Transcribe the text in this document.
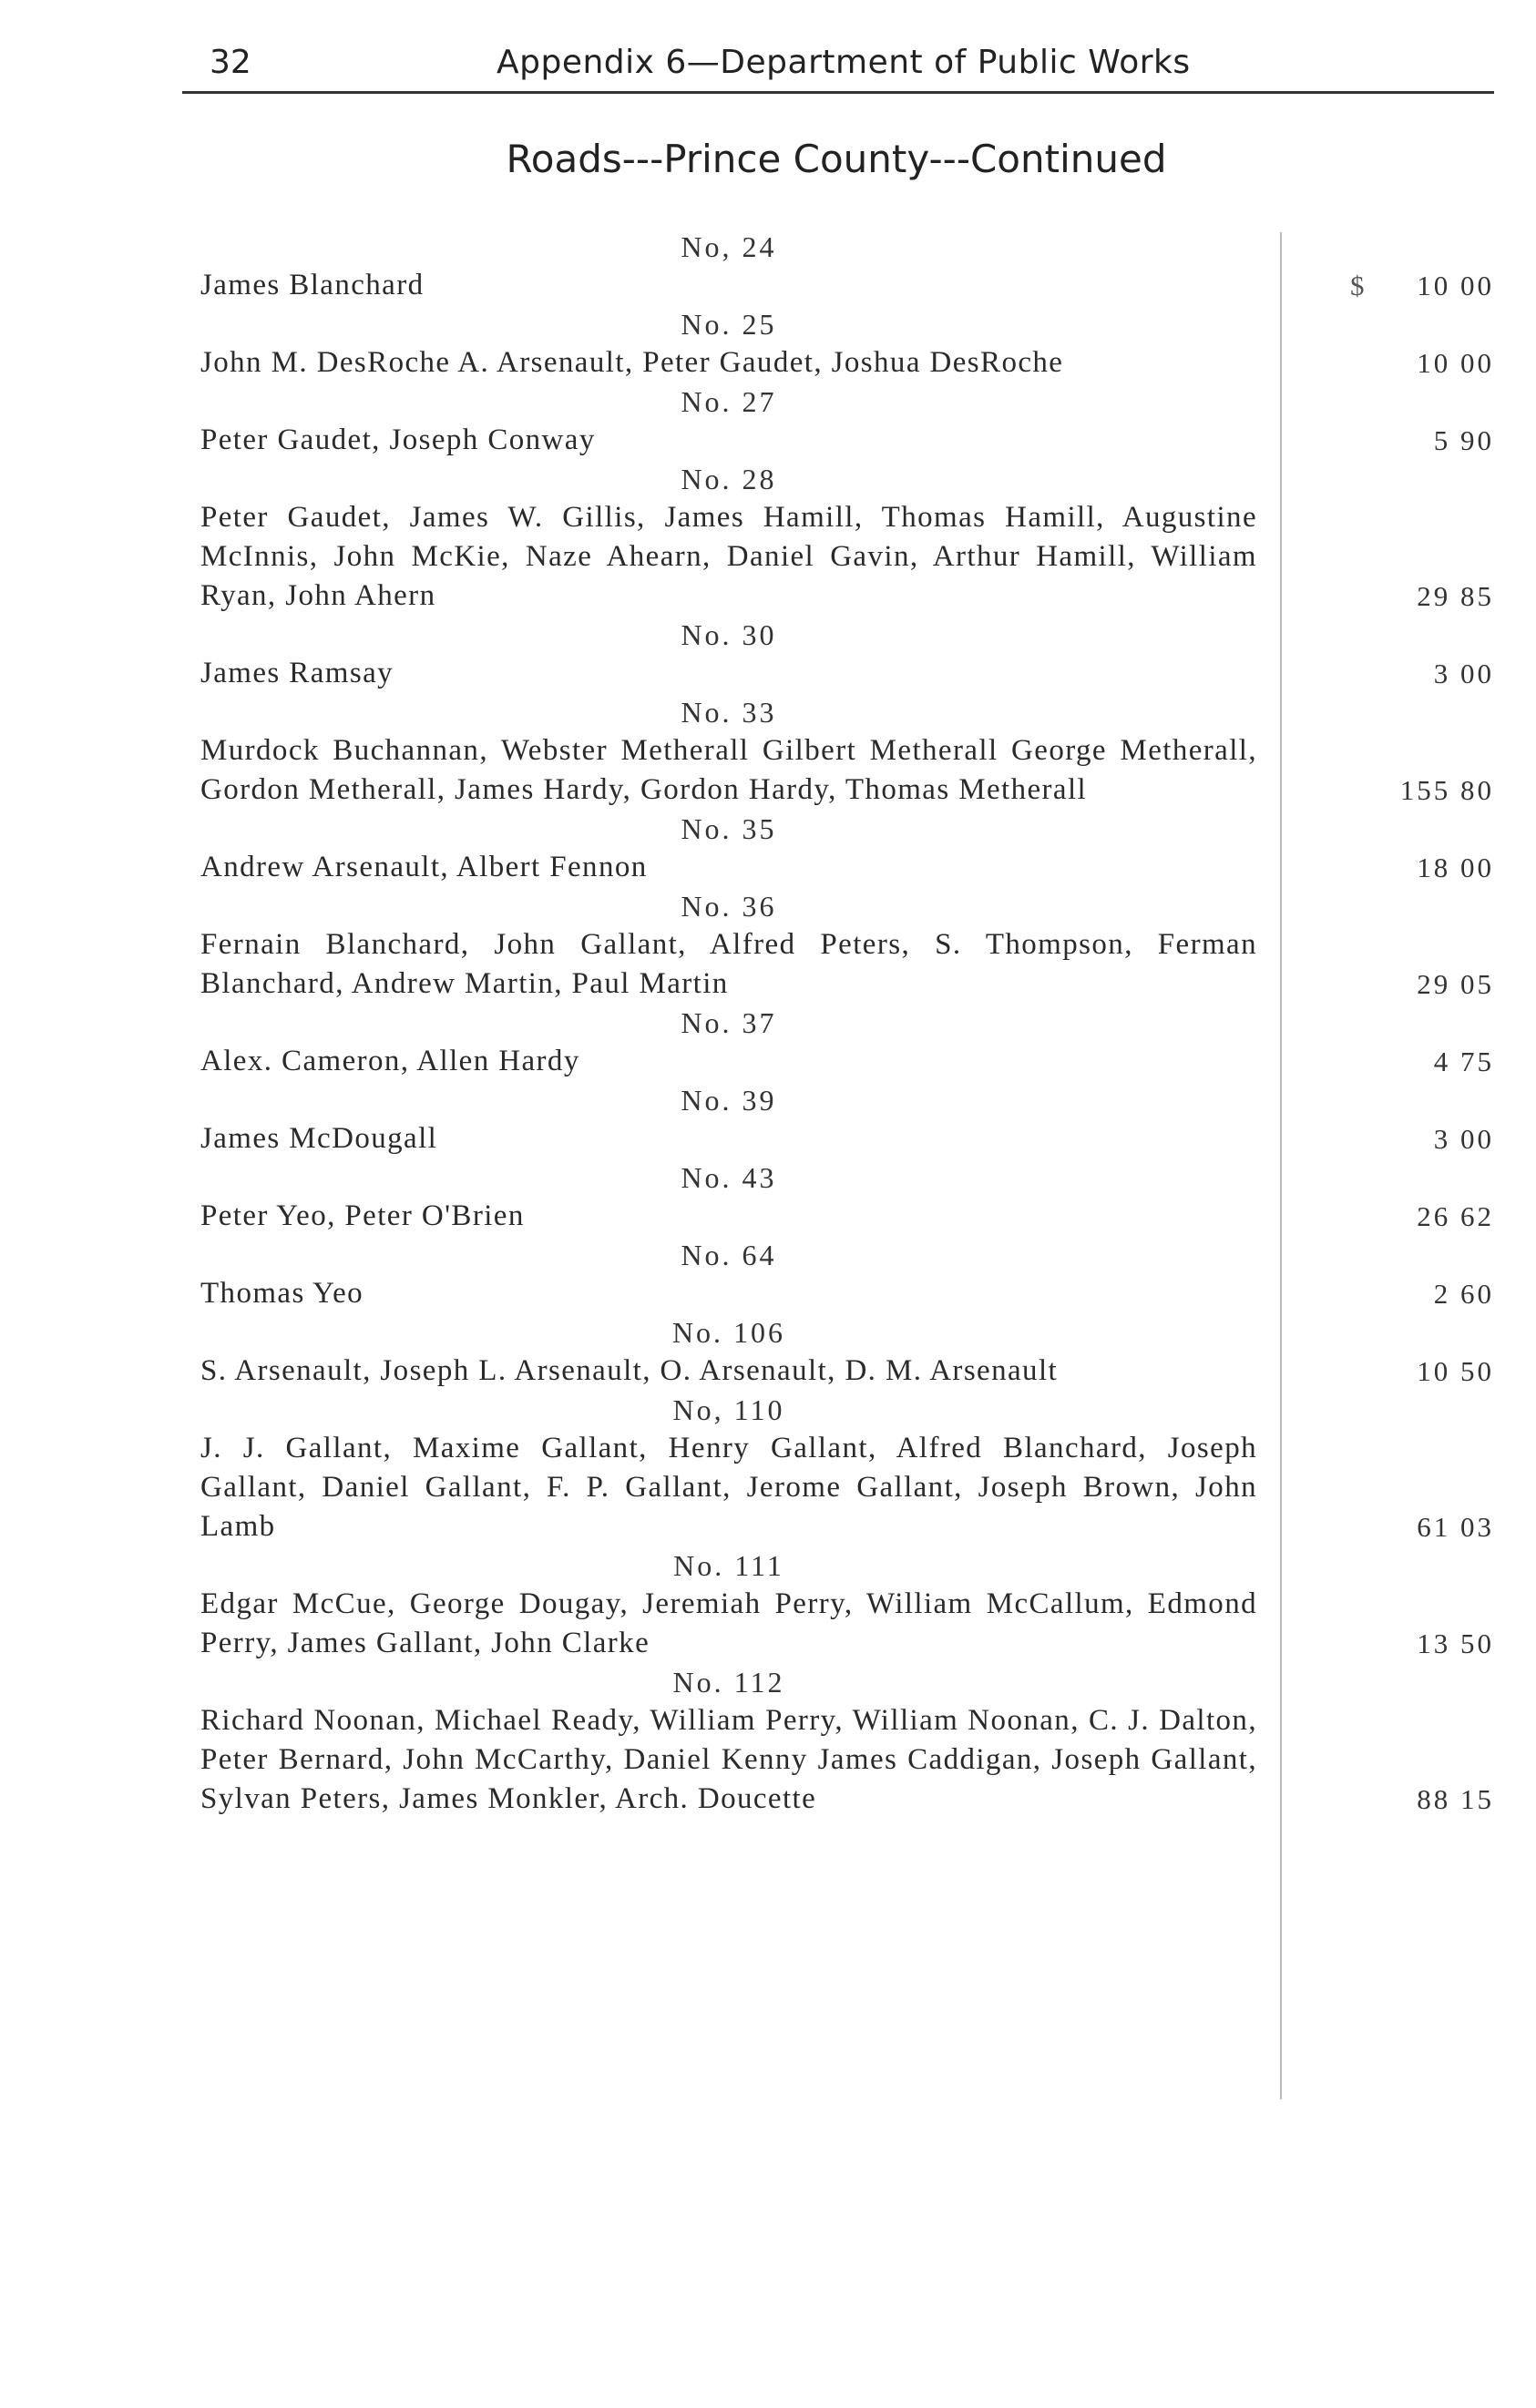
32	Appendix 6—Department of Public Works
Roads---Prince County---Continued
No, 24
James Blanchard
$	10 00
No. 25
John M. DesRoche A. Arsenault, Peter Gaudet, Joshua DesRoche	10 00
No. 27
Peter Gaudet, Joseph Conway	5 90
No. 28
Peter Gaudet, James W. Gillis, James Hamill, Thomas Hamill, Augustine McInnis, John McKie, Naze Ahearn, Daniel Gavin, Arthur Hamill, William Ryan, John Ahern	29 85
No. 30
James Ramsay	3 00
No. 33
Murdock Buchannan, Webster Metherall Gilbert Metherall George Metherall, Gordon Metherall, James Hardy, Gordon Hardy, Thomas Metherall	155 80
No. 35
Andrew Arsenault, Albert Fennon	18 00
No. 36
Fernain Blanchard, John Gallant, Alfred Peters, S. Thompson, Ferman Blanchard, Andrew Martin, Paul Martin	29 05
No. 37
Alex. Cameron, Allen Hardy	4 75
No. 39
James McDougall	3 00
No. 43
Peter Yeo, Peter O'Brien	26 62
No. 64
Thomas Yeo	2 60
No. 106
S. Arsenault, Joseph L. Arsenault, O. Arsenault, D. M. Arsenault	10 50
No, 110
J. J. Gallant, Maxime Gallant, Henry Gallant, Alfred Blanchard, Joseph Gallant, Daniel Gallant, F. P. Gallant, Jerome Gallant, Joseph Brown, John Lamb	61 03
No. 111
Edgar McCue, George Dougay, Jeremiah Perry, William McCallum, Edmond Perry, James Gallant, John Clarke	13 50
No. 112
Richard Noonan, Michael Ready, William Perry, William Noonan, C. J. Dalton, Peter Bernard, John McCarthy, Daniel Kenny James Caddigan, Joseph Gallant, Sylvan Peters, James Monkler, Arch. Doucette	88 15
